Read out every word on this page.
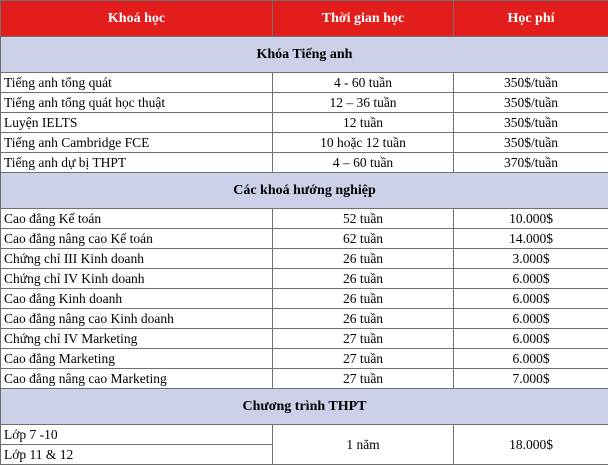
Khoá học	Thời gian học	Học phí
Khóa Tiếng anh		
Tiếng anh tổng quát	4 - 60 tuần	350$/tuần
Tiếng anh tổng quát học thuật	12 – 36 tuần	350$/tuần
Luyện IELTS	12 tuần	350$/tuần
Tiếng anh Cambridge FCE	10 hoặc 12 tuần	350$/tuần
Tiếng anh dự bị THPT	4 – 60 tuần	370$/tuần
Các khoá hướng nghiệp		
Cao đẳng Kế toán	52 tuần	10.000$
Cao đẳng nâng cao Kế toán	62 tuần	14.000$
Chứng chỉ III Kinh doanh	26 tuần	3.000$
Chứng chỉ IV Kinh doanh	26 tuần	6.000$
Cao đẳng Kinh doanh	26 tuần	6.000$
Cao đẳng nâng cao Kinh doanh	26 tuần	6.000$
Chứng chỉ IV Marketing	27 tuần	6.000$
Cao đẳng Marketing	27 tuần	6.000$
Cao đẳng nâng cao Marketing	27 tuần	7.000$
Chương trình THPT		
Lớp 7 -10	1 năm	18.000$
Lớp 11 & 12		
